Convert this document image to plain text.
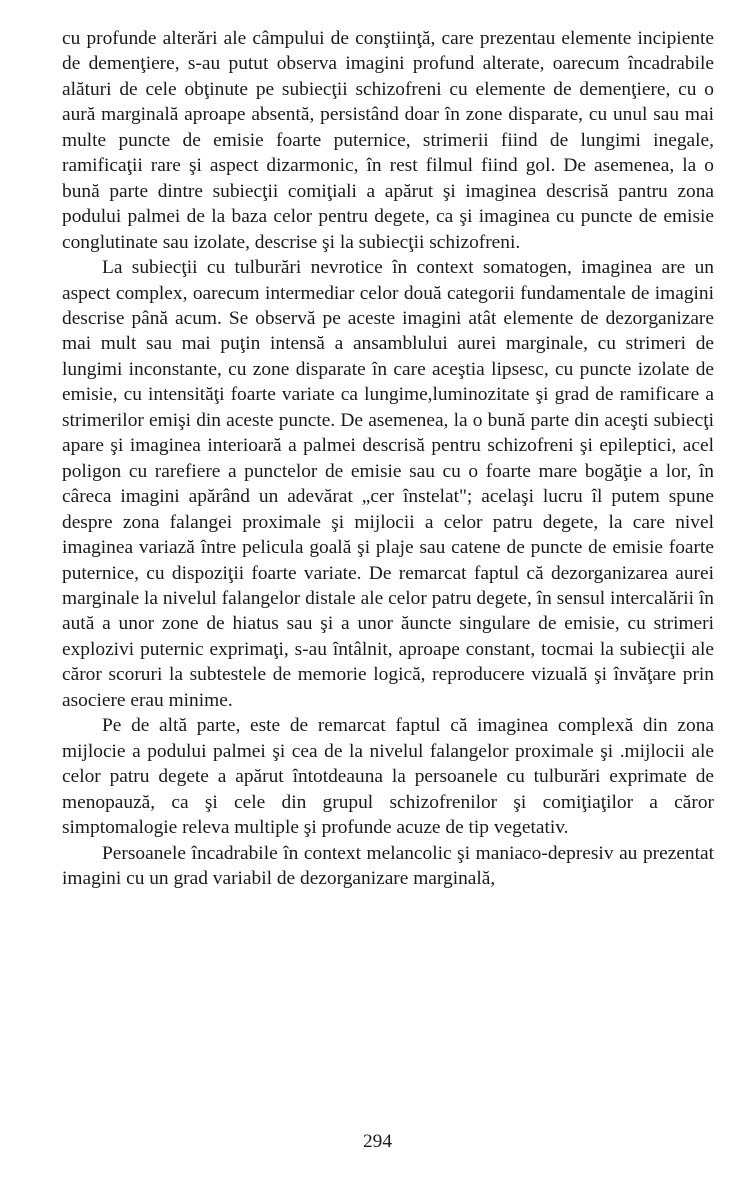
cu profunde alterări ale câmpului de conştiinţă, care prezentau elemente incipiente de demenţiere, s-au putut observa imagini profund alterate, oarecum încadrabile alături de cele obţinute pe subiecţii schizofreni cu elemente de demenţiere, cu o aură marginală aproape absentă, persistând doar în zone disparate, cu unul sau mai multe puncte de emisie foarte puternice, strimerii fiind de lungimi inegale, ramificaţii rare şi aspect dizarmonic, în rest filmul fiind gol. De asemenea, la o bună parte dintre subiecţii comiţiali a apărut şi imaginea descrisă pantru zona podului palmei de la baza celor pentru degete, ca şi imaginea cu puncte de emisie conglutinate sau izolate, descrise şi la subiecţii schizofreni.

La subiecţii cu tulburări nevrotice în context somatogen, imaginea are un aspect complex, oarecum intermediar celor două categorii fundamentale de imagini descrise până acum. Se observă pe aceste imagini atât elemente de dezorganizare mai mult sau mai puţin intensă a ansamblului aurei marginale, cu strimeri de lungimi inconstante, cu zone disparate în care aceştia lipsesc, cu puncte izolate de emisie, cu intensităţi foarte variate ca lungime,luminozitate şi grad de ramificare a strimerilor emişi din aceste puncte. De asemenea, la o bună parte din aceşti subiecţi apare şi imaginea interioară a palmei descrisă pentru schizofreni şi epileptici, acel poligon cu rarefiere a punctelor de emisie sau cu o foarte mare bogăţie a lor, în câreca imagini apărând un adevărat „cer înstelat"; acelaşi lucru îl putem spune despre zona falangei proximale şi mijlocii a celor patru degete, la care nivel imaginea variază între pelicula goală şi plaje sau catene de puncte de emisie foarte puternice, cu dispoziţii foarte variate. De remarcat faptul că dezorganizarea aurei marginale la nivelul falangelor distale ale celor patru degete, în sensul intercalării în aută a unor zone de hiatus sau şi a unor ăuncte singulare de emisie, cu strimeri explozivi puternic exprimaţi, s-au întâlnit, aproape constant, tocmai la subiecţii ale căror scoruri la subtestele de memorie logică, reproducere vizuală şi învăţare prin asociere erau minime.

Pe de altă parte, este de remarcat faptul că imaginea complexă din zona mijlocie a podului palmei şi cea de la nivelul falangelor proximale şi .mijlocii ale celor patru degete a apărut întotdeauna la persoanele cu tulburări exprimate de menopauză, ca şi cele din grupul schizofrenilor şi comiţiaţilor a căror simptomalogie releva multiple şi profunde acuze de tip vegetativ.

Persoanele încadrabile în context melancolic şi maniaco-depresiv au prezentat imagini cu un grad variabil de dezorganizare marginală,

294
